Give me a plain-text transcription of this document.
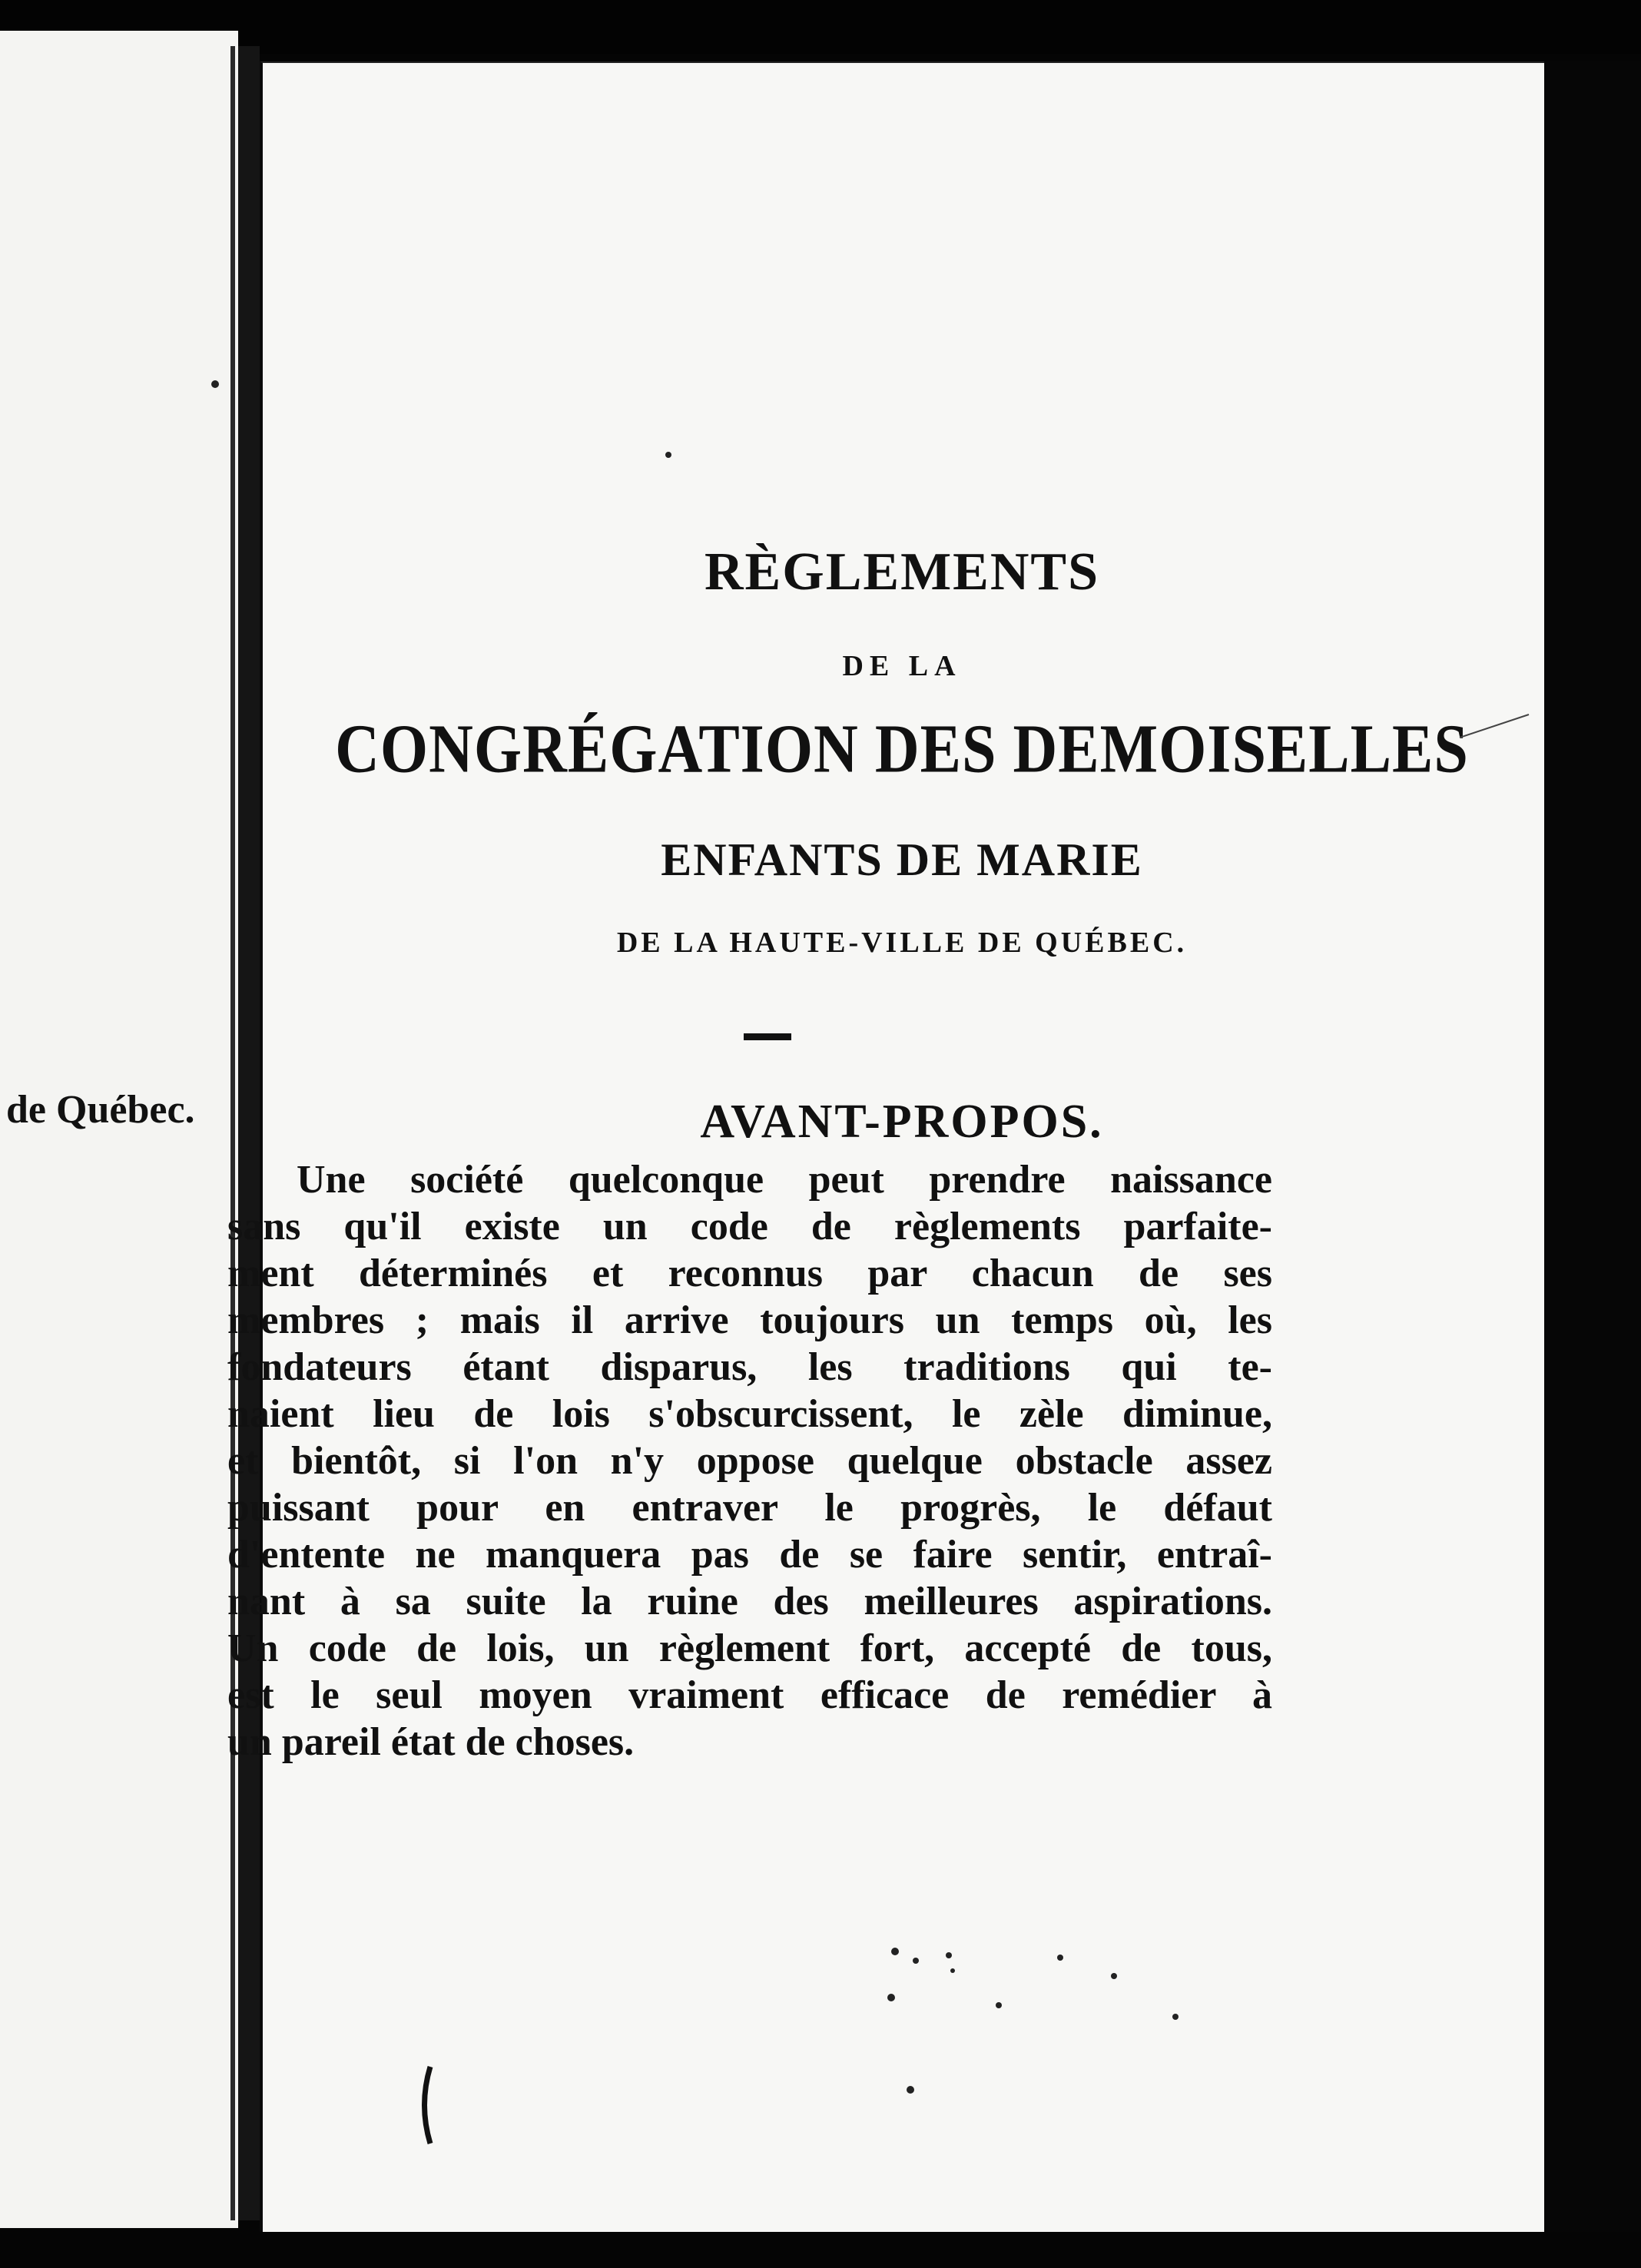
de Québec.
RÈGLEMENTS
DE LA
CONGRÉGATION DES DEMOISELLES
ENFANTS DE MARIE
DE LA HAUTE-VILLE DE QUÉBEC.
AVANT-PROPOS.
Une société quelconque peut prendre naissance
sans qu'il existe un code de règlements parfaite-
ment déterminés et reconnus par chacun de ses
membres ; mais il arrive toujours un temps où, les
fondateurs étant disparus, les traditions qui te-
naient lieu de lois s'obscurcissent, le zèle diminue,
et bientôt, si l'on n'y oppose quelque obstacle assez
puissant pour en entraver le progrès, le défaut
d'entente ne manquera pas de se faire sentir, entraî-
nant à sa suite la ruine des meilleures aspirations.
Un code de lois, un règlement fort, accepté de tous,
est le seul moyen vraiment efficace de remédier à
un pareil état de choses.
